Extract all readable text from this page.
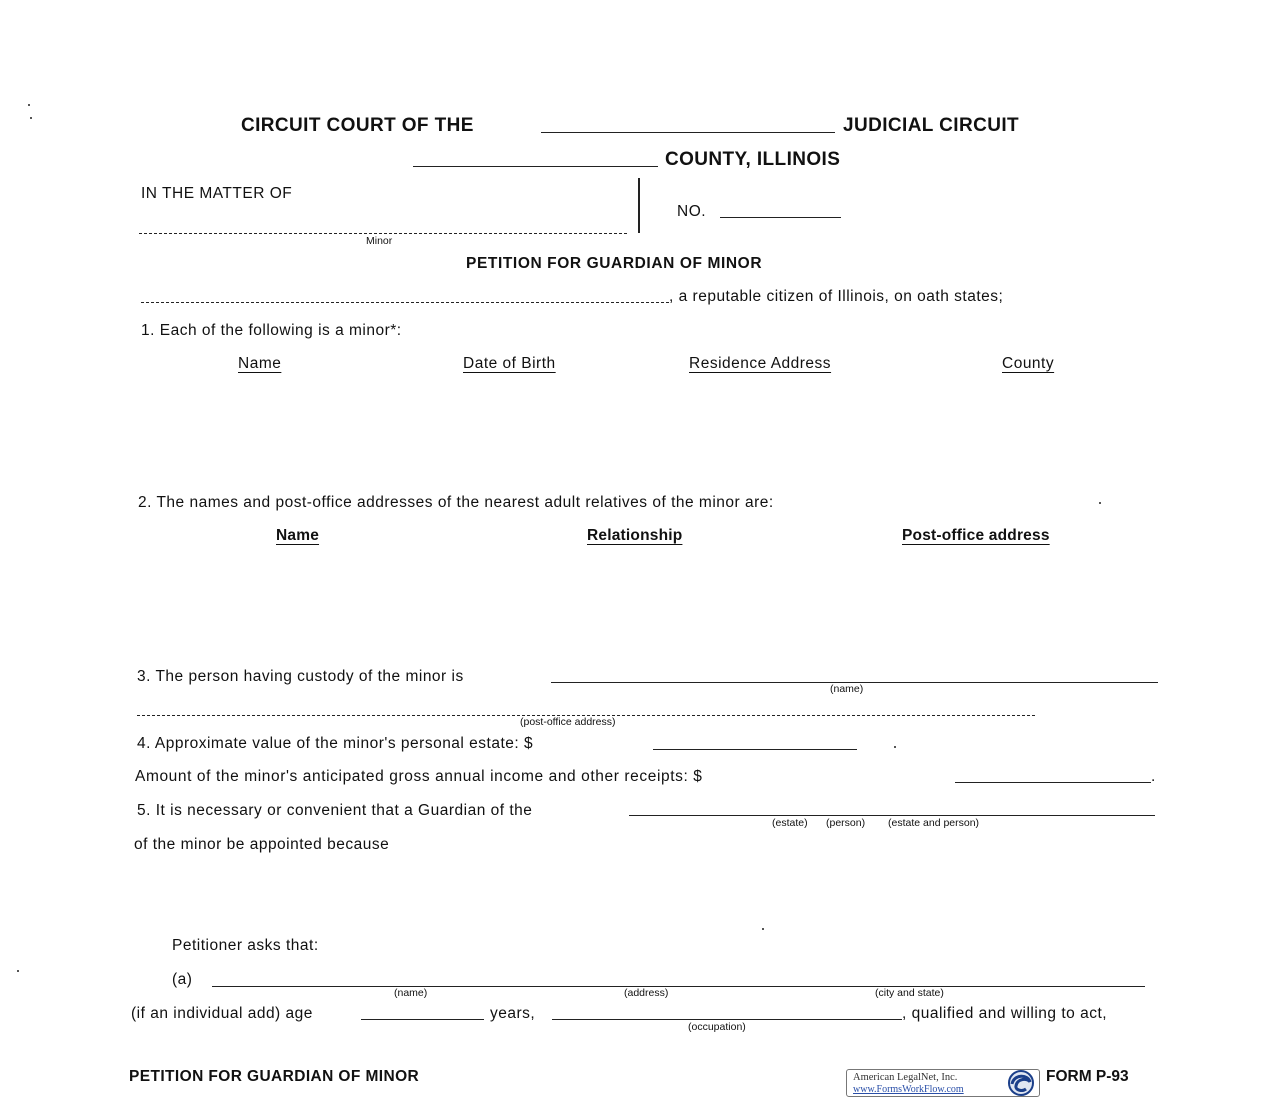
CIRCUIT COURT OF THE	JUDICIAL CIRCUIT
COUNTY, ILLINOIS
IN THE MATTER OF
Minor
NO.
PETITION FOR GUARDIAN OF MINOR
, a reputable citizen of Illinois, on oath states;
1. Each of the following is a minor*:
Name	Date of Birth	Residence Address	County
2. The names and post-office addresses of the nearest adult relatives of the minor are:
Name	Relationship	Post-office address
3. The person having custody of the minor is
(name)
(post-office address)
4. Approximate value of the minor's personal estate: $
Amount of the minor's anticipated gross annual income and other receipts: $	.
5. It is necessary or convenient that a Guardian of the
(estate) (person) (estate and person)
of the minor be appointed because
Petitioner asks that:
(a)
(name)	(address)	(city and state)
(if an individual add) age	years,
(occupation)
, qualified and willing to act,
PETITION FOR GUARDIAN OF MINOR	American LegalNet, Inc.
www.FormsWorkFlow.com
FORM P-93
